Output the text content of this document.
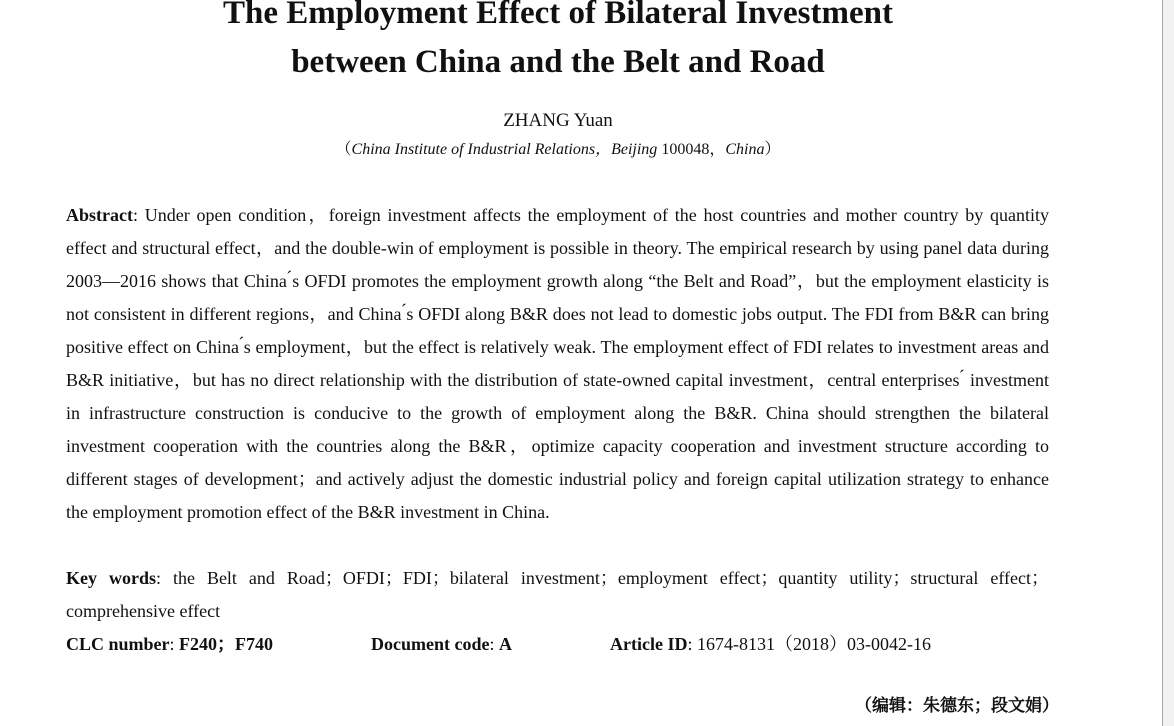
The Employment Effect of Bilateral Investment
between China and the Belt and Road
ZHANG Yuan
（China Institute of Industrial Relations，Beijing 100048，China）

Abstract: Under open condition，foreign investment affects the employment of the host countries and mother country by quantity effect and structural effect，and the double-win of employment is possible in theory. The empirical research by using panel data during 2003—2016 shows that China ́s OFDI promotes the employment growth along “the Belt and Road”，but the employment elasticity is not consistent in different regions，and China ́s OFDI along B&R does not lead to domestic jobs output. The FDI from B&R can bring positive effect on China ́s employment，but the effect is relatively weak. The employment effect of FDI relates to investment areas and B&R initiative，but has no direct relationship with the distribution of state-owned capital investment，central enterprises ́ investment in infrastructure construction is conducive to the growth of employment along the B&R. China should strengthen the bilateral investment cooperation with the countries along the B&R，optimize capacity cooperation and investment structure according to different stages of development；and actively adjust the domestic industrial policy and foreign capital utilization strategy to enhance the employment promotion effect of the B&R investment in China.

Key words: the Belt and Road；OFDI；FDI；bilateral investment；employment effect；quantity utility；structural effect；comprehensive effect

CLC number: F240；F740	Document code: A	Article ID: 1674-8131（2018）03-0042-16
（编辑：朱德东；段文娟）
